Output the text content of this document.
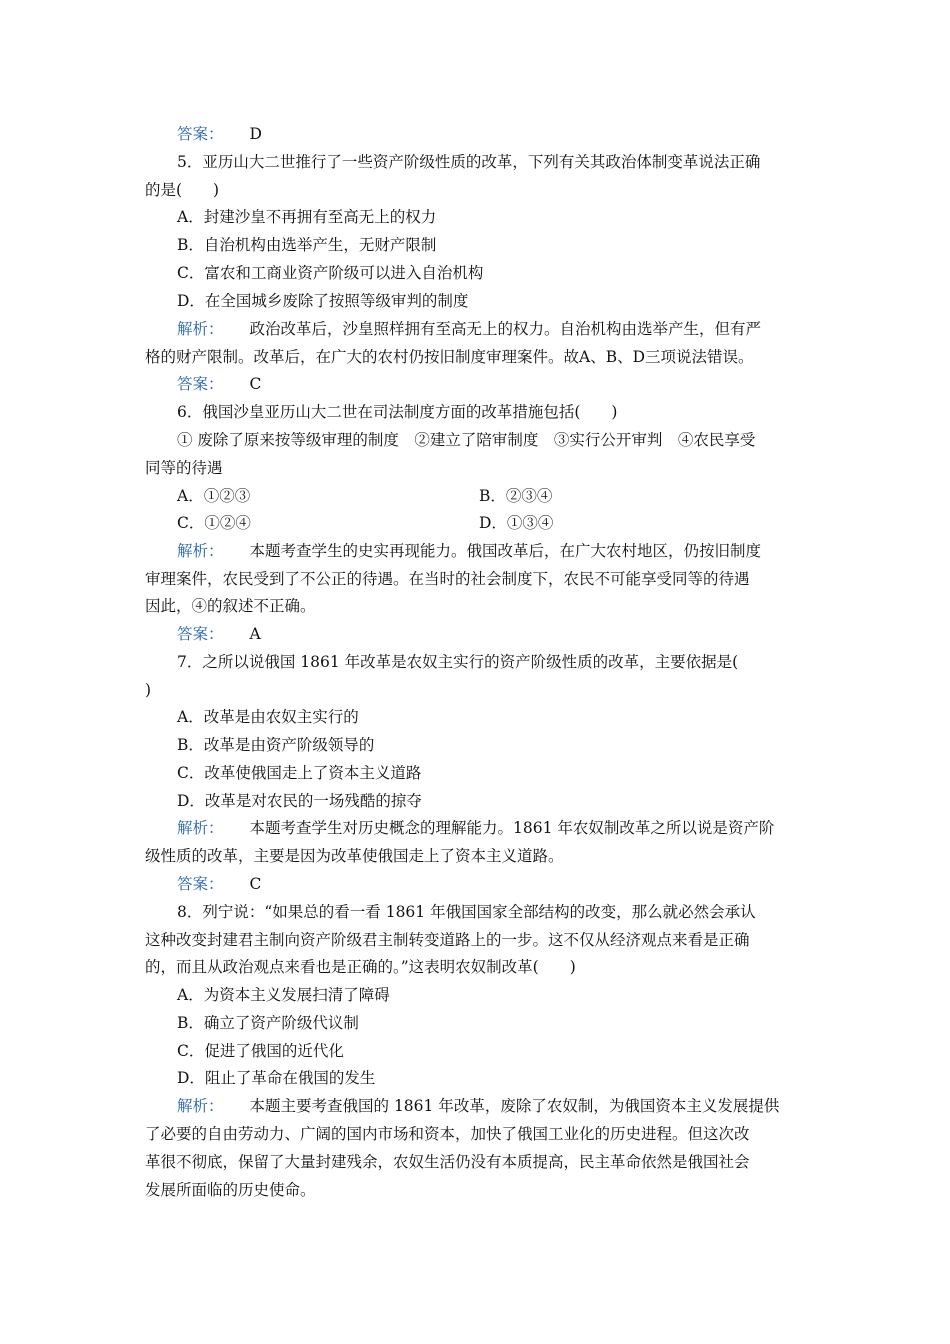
答案： D
5．亚历山大二世推行了一些资产阶级性质的改革，下列有关其政治体制变革说法正确
的是(　　)
A．封建沙皇不再拥有至高无上的权力
B．自治机构由选举产生，无财产限制
C．富农和工商业资产阶级可以进入自治机构
D．在全国城乡废除了按照等级审判的制度
解析： 政治改革后，沙皇照样拥有至高无上的权力。自治机构由选举产生，但有严
格的财产限制。改革后，在广大的农村仍按旧制度审理案件。故A、B、D三项说法错误。
答案： C
6．俄国沙皇亚历山大二世在司法制度方面的改革措施包括(　　)
① 废除了原来按等级审理的制度　②建立了陪审制度　③实行公开审判　④农民享受
同等的待遇
A．①②③	B．②③④
C．①②④	D．①③④
解析： 本题考查学生的史实再现能力。俄国改革后，在广大农村地区，仍按旧制度
审理案件，农民受到了不公正的待遇。在当时的社会制度下，农民不可能享受同等的待遇
因此，④的叙述不正确。
答案： A
7．之所以说俄国 1861 年改革是农奴主实行的资产阶级性质的改革，主要依据是(
)
A．改革是由农奴主实行的
B．改革是由资产阶级领导的
C．改革使俄国走上了资本主义道路
D．改革是对农民的一场残酷的掠夺
解析： 本题考查学生对历史概念的理解能力。1861 年农奴制改革之所以说是资产阶
级性质的改革，主要是因为改革使俄国走上了资本主义道路。
答案： C
8．列宁说：“如果总的看一看 1861 年俄国国家全部结构的改变，那么就必然会承认
这种改变封建君主制向资产阶级君主制转变道路上的一步。这不仅从经济观点来看是正确
的，而且从政治观点来看也是正确的。”这表明农奴制改革(　　)
A．为资本主义发展扫清了障碍
B．确立了资产阶级代议制
C．促进了俄国的近代化
D．阻止了革命在俄国的发生
解析： 本题主要考查俄国的 1861 年改革，废除了农奴制，为俄国资本主义发展提供
了必要的自由劳动力、广阔的国内市场和资本，加快了俄国工业化的历史进程。但这次改
革很不彻底，保留了大量封建残余，农奴生活仍没有本质提高，民主革命依然是俄国社会
发展所面临的历史使命。
